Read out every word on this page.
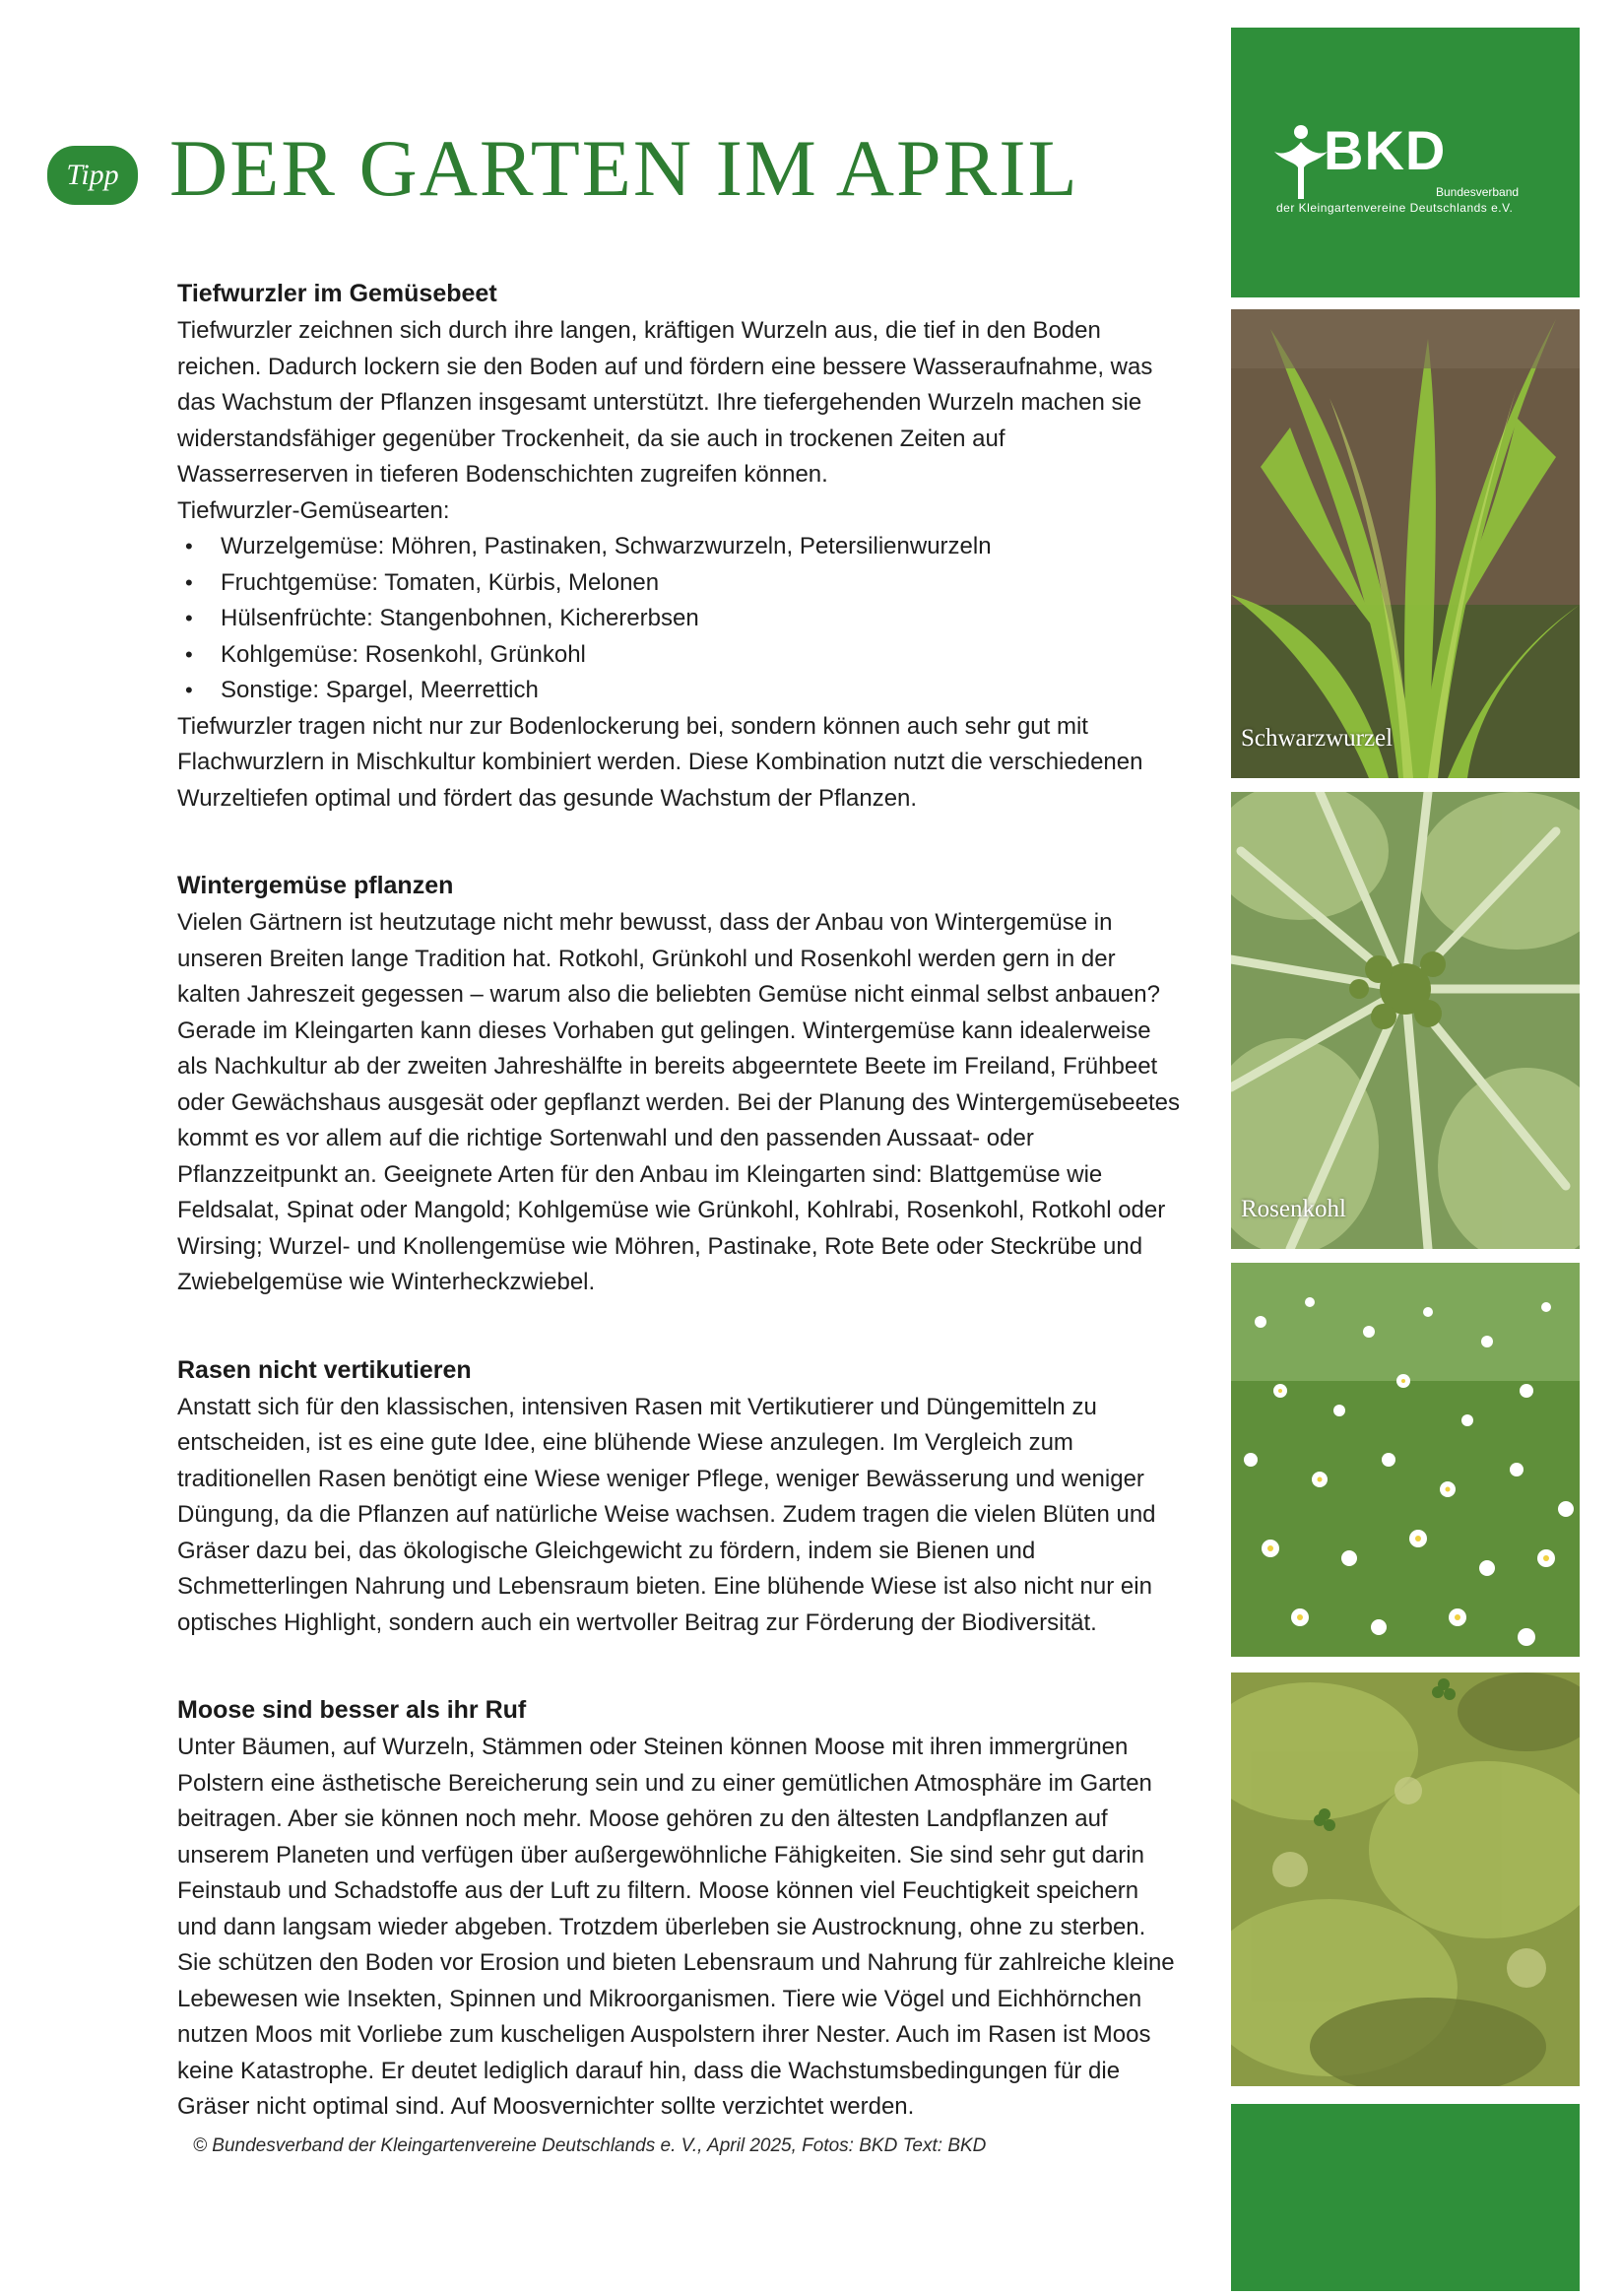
Tipp DER GARTEN IM APRIL
Tiefwurzler im Gemüsebeet

Tiefwurzler zeichnen sich durch ihre langen, kräftigen Wurzeln aus, die tief in den Boden reichen. Dadurch lockern sie den Boden auf und fördern eine bessere Wasseraufnahme, was das Wachstum der Pflanzen insgesamt unterstützt. Ihre tiefergehenden Wurzeln machen sie widerstandsfähiger gegenüber Trockenheit, da sie auch in trockenen Zeiten auf Wasserreserven in tieferen Bodenschichten zugreifen können.

Tiefwurzler-Gemüsearten:

• Wurzelgemüse: Möhren, Pastinaken, Schwarzwurzeln, Petersilienwurzeln
• Fruchtgemüse: Tomaten, Kürbis, Melonen
• Hülsenfrüchte: Stangenbohnen, Kichererbsen
• Kohlgemüse: Rosenkohl, Grünkohl
• Sonstige: Spargel, Meerrettich

Tiefwurzler tragen nicht nur zur Bodenlockerung bei, sondern können auch sehr gut mit Flachwurzlern in Mischkultur kombiniert werden. Diese Kombination nutzt die verschiedenen Wurzeltiefen optimal und fördert das gesunde Wachstum der Pflanzen.

Wintergemüse pflanzen

Vielen Gärtnern ist heutzutage nicht mehr bewusst, dass der Anbau von Wintergemüse in unseren Breiten lange Tradition hat. Rotkohl, Grünkohl und Rosenkohl werden gern in der kalten Jahreszeit gegessen – warum also die beliebten Gemüse nicht einmal selbst anbauen? Gerade im Kleingarten kann dieses Vorhaben gut gelingen. Wintergemüse kann idealerweise als Nachkultur ab der zweiten Jahreshälfte in bereits abgeerntete Beete im Freiland, Frühbeet oder Gewächshaus ausgesät oder gepflanzt werden. Bei der Planung des Wintergemüsebeetes kommt es vor allem auf die richtige Sortenwahl und den passenden Aussaat- oder Pflanzzeitpunkt an. Geeignete Arten für den Anbau im Kleingarten sind: Blattgemüse wie Feldsalat, Spinat oder Mangold; Kohlgemüse wie Grünkohl, Kohlrabi, Rosenkohl, Rotkohl oder Wirsing; Wurzel- und Knollengemüse wie Möhren, Pastinake, Rote Bete oder Steckrübe und Zwiebelgemüse wie Winterheckzwiebel.

Rasen nicht vertikutieren

Anstatt sich für den klassischen, intensiven Rasen mit Vertikutierer und Düngemitteln zu entscheiden, ist es eine gute Idee, eine blühende Wiese anzulegen. Im Vergleich zum traditionellen Rasen benötigt eine Wiese weniger Pflege, weniger Bewässerung und weniger Düngung, da die Pflanzen auf natürliche Weise wachsen. Zudem tragen die vielen Blüten und Gräser dazu bei, das ökologische Gleichgewicht zu fördern, indem sie Bienen und Schmetterlingen Nahrung und Lebensraum bieten. Eine blühende Wiese ist also nicht nur ein optisches Highlight, sondern auch ein wertvoller Beitrag zur Förderung der Biodiversität.

Moose sind besser als ihr Ruf

Unter Bäumen, auf Wurzeln, Stämmen oder Steinen können Moose mit ihren immergrünen Polstern eine ästhetische Bereicherung sein und zu einer gemütlichen Atmosphäre im Garten beitragen. Aber sie können noch mehr. Moose gehören zu den ältesten Landpflanzen auf unserem Planeten und verfügen über außergewöhnliche Fähigkeiten. Sie sind sehr gut darin Feinstaub und Schadstoffe aus der Luft zu filtern. Moose können viel Feuchtigkeit speichern und dann langsam wieder abgeben. Trotzdem überleben sie Austrocknung, ohne zu sterben. Sie schützen den Boden vor Erosion und bieten Lebensraum und Nahrung für zahlreiche kleine Lebewesen wie Insekten, Spinnen und Mikroorganismen. Tiere wie Vögel und Eichhörnchen nutzen Moos mit Vorliebe zum kuscheligen Auspolstern ihrer Nester. Auch im Rasen ist Moos keine Katastrophe. Er deutet lediglich darauf hin, dass die Wachstumsbedingungen für die Gräser nicht optimal sind. Auf Moosvernichter sollte verzichtet werden.

© Bundesverband der Kleingartenvereine Deutschlands e. V., April 2025, Fotos: BKD Text: BKD
BKD
Bundesverband
der Kleingartenvereine Deutschlands e.V.
Schwarzwurzel
Rosenkohl
